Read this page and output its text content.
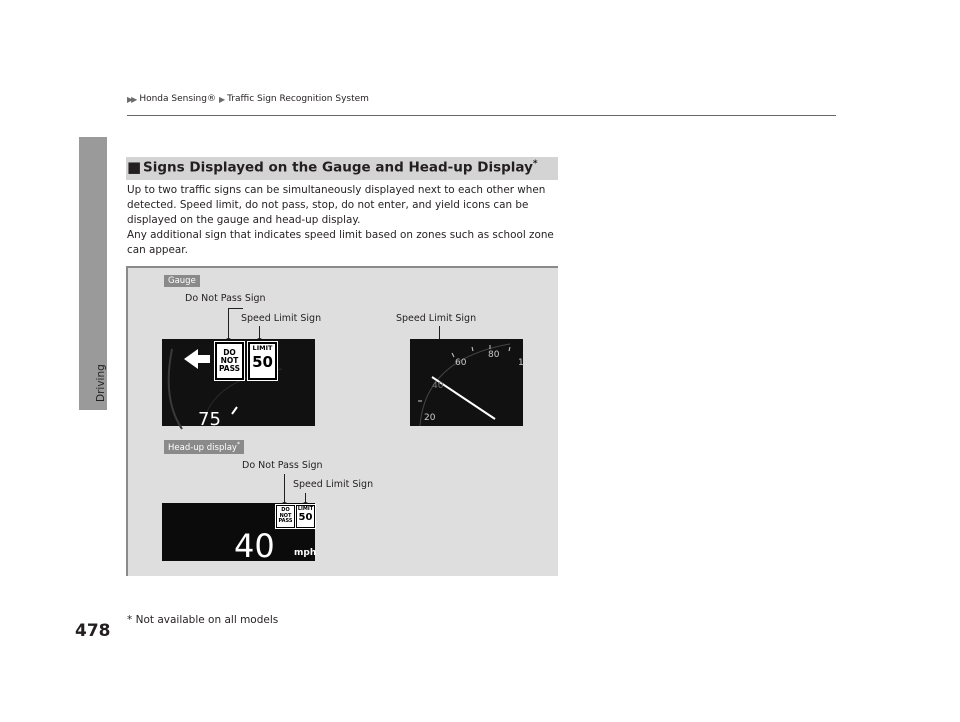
▶▶ Honda Sensing® ▶ Traffic Sign Recognition System
Driving
478
■ Signs Displayed on the Gauge and Head-up Display*

Up to two traffic signs can be simultaneously displayed next to each other when detected. Speed limit, do not pass, stop, do not enter, and yield icons can be displayed on the gauge and head-up display.

Any additional sign that indicates speed limit based on zones such as school zone can appear.

Gauge
Do Not Pass Sign
Speed Limit Sign	Speed Limit Sign
DO
NOT
PASS
LIMIT
50
75	20
40
60
80
1
Head-up display*
Do Not Pass Sign
Speed Limit Sign
DO
NOT
PASS
LIMIT
50
40 mph
* Not available on all models
